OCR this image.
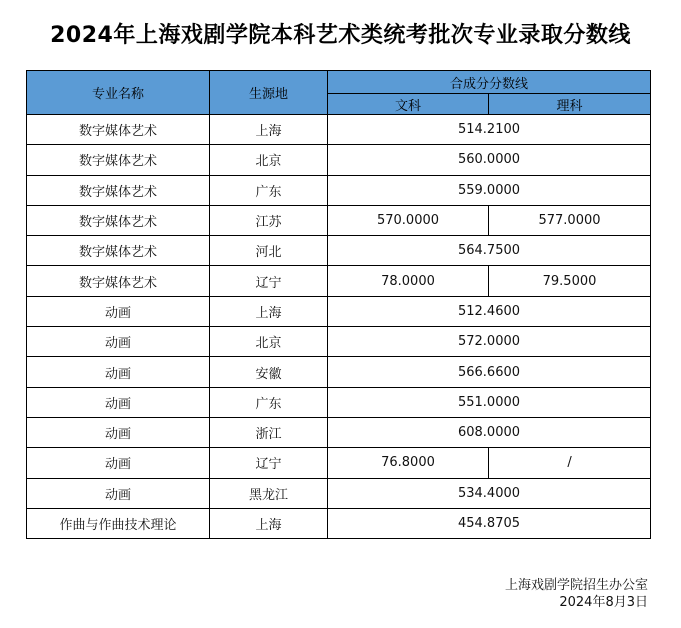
2024年上海戏剧学院本科艺术类统考批次专业录取分数线
专业名称	生源地	合成分分数线	
		文科	理科
数字媒体艺术	上海	514.2100	
数字媒体艺术	北京	560.0000	
数字媒体艺术	广东	559.0000	
数字媒体艺术	江苏	570.0000	577.0000
数字媒体艺术	河北	564.7500	
数字媒体艺术	辽宁	78.0000	79.5000
动画	上海	512.4600	
动画	北京	572.0000	
动画	安徽	566.6600	
动画	广东	551.0000	
动画	浙江	608.0000	
动画	辽宁	76.8000	/
动画	黑龙江	534.4000	
作曲与作曲技术理论	上海	454.8705	
上海戏剧学院招生办公室
2024年8月3日
